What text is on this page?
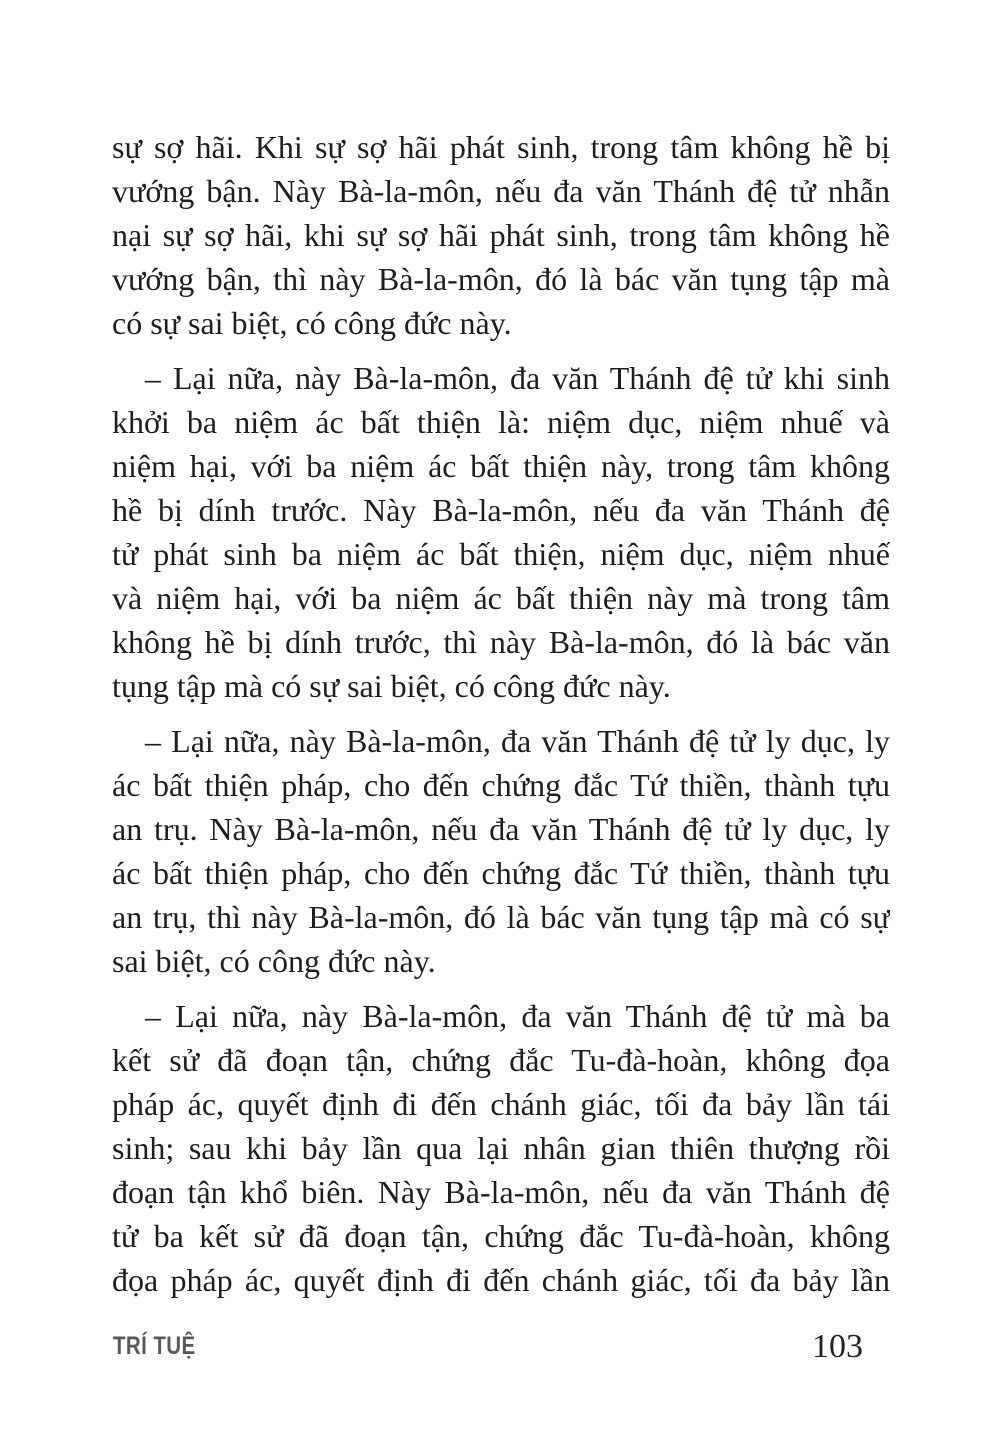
sự sợ hãi. Khi sự sợ hãi phát sinh, trong tâm không hề bị
vướng bận. Này Bà-la-môn, nếu đa văn Thánh đệ tử nhẫn
nại sự sợ hãi, khi sự sợ hãi phát sinh, trong tâm không hề
vướng bận, thì này Bà-la-môn, đó là bác văn tụng tập mà
có sự sai biệt, có công đức này.

– Lại nữa, này Bà-la-môn, đa văn Thánh đệ tử khi sinh
khởi ba niệm ác bất thiện là: niệm dục, niệm nhuế và
niệm hại, với ba niệm ác bất thiện này, trong tâm không
hề bị dính trước. Này Bà-la-môn, nếu đa văn Thánh đệ
tử phát sinh ba niệm ác bất thiện, niệm dục, niệm nhuế
và niệm hại, với ba niệm ác bất thiện này mà trong tâm
không hề bị dính trước, thì này Bà-la-môn, đó là bác văn
tụng tập mà có sự sai biệt, có công đức này.

– Lại nữa, này Bà-la-môn, đa văn Thánh đệ tử ly dục, ly
ác bất thiện pháp, cho đến chứng đắc Tứ thiền, thành tựu
an trụ. Này Bà-la-môn, nếu đa văn Thánh đệ tử ly dục, ly
ác bất thiện pháp, cho đến chứng đắc Tứ thiền, thành tựu
an trụ, thì này Bà-la-môn, đó là bác văn tụng tập mà có sự
sai biệt, có công đức này.

– Lại nữa, này Bà-la-môn, đa văn Thánh đệ tử mà ba
kết sử đã đoạn tận, chứng đắc Tu-đà-hoàn, không đọa
pháp ác, quyết định đi đến chánh giác, tối đa bảy lần tái
sinh; sau khi bảy lần qua lại nhân gian thiên thượng rồi
đoạn tận khổ biên. Này Bà-la-môn, nếu đa văn Thánh đệ
tử ba kết sử đã đoạn tận, chứng đắc Tu-đà-hoàn, không
đọa pháp ác, quyết định đi đến chánh giác, tối đa bảy lần

TRÍ TUỆ	103
